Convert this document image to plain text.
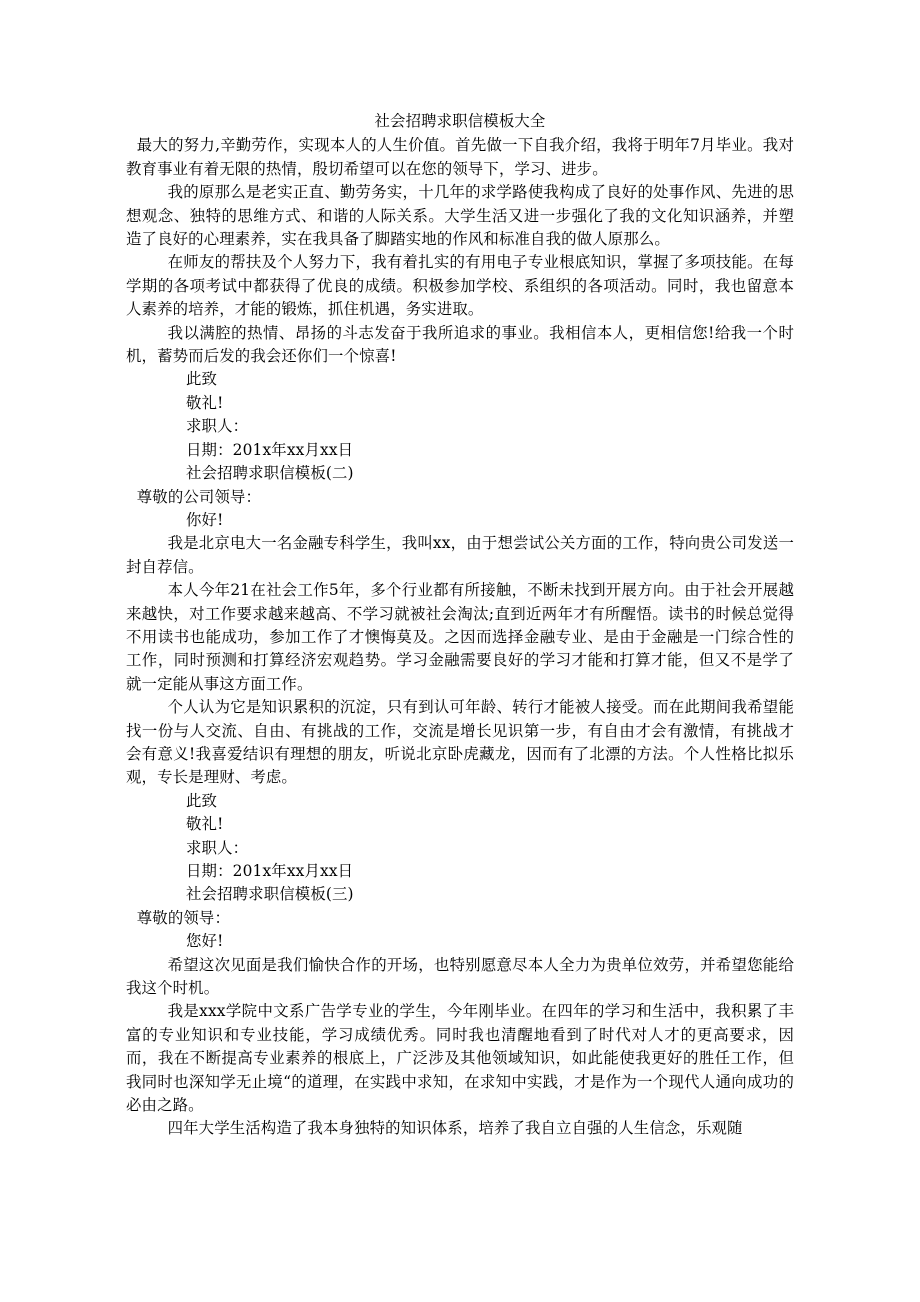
社会招聘求职信模板大全

最大的努力,辛勤劳作，实现本人的人生价值。首先做一下自我介绍，我将于明年7月毕业。我对教育事业有着无限的热情，殷切希望可以在您的领导下，学习、进步。

我的原那么是老实正直、勤劳务实，十几年的求学路使我构成了良好的处事作风、先进的思想观念、独特的思维方式、和谐的人际关系。大学生活又进一步强化了我的文化知识涵养，并塑造了良好的心理素养，实在我具备了脚踏实地的作风和标准自我的做人原那么。

在师友的帮扶及个人努力下，我有着扎实的有用电子专业根底知识，掌握了多项技能。在每学期的各项考试中都获得了优良的成绩。积极参加学校、系组织的各项活动。同时，我也留意本人素养的培养，才能的锻炼，抓住机遇，务实进取。

我以满腔的热情、昂扬的斗志发奋于我所追求的事业。我相信本人，更相信您!给我一个时机，蓄势而后发的我会还你们一个惊喜!

此致

敬礼!

求职人：

日期：201x年xx月xx日

社会招聘求职信模板(二)

尊敬的公司领导：

你好!

我是北京电大一名金融专科学生，我叫xx，由于想尝试公关方面的工作，特向贵公司发送一封自荐信。

本人今年21在社会工作5年，多个行业都有所接触，不断未找到开展方向。由于社会开展越来越快，对工作要求越来越高、不学习就被社会淘汰;直到近两年才有所醒悟。读书的时候总觉得不用读书也能成功，参加工作了才懊悔莫及。之因而选择金融专业、是由于金融是一门综合性的工作，同时预测和打算经济宏观趋势。学习金融需要良好的学习才能和打算才能，但又不是学了就一定能从事这方面工作。

个人认为它是知识累积的沉淀，只有到认可年龄、转行才能被人接受。而在此期间我希望能找一份与人交流、自由、有挑战的工作，交流是增长见识第一步，有自由才会有激情，有挑战才会有意义!我喜爱结识有理想的朋友，听说北京卧虎藏龙，因而有了北漂的方法。个人性格比拟乐观，专长是理财、考虑。

此致

敬礼!

求职人：

日期：201x年xx月xx日

社会招聘求职信模板(三)

尊敬的领导：

您好!

希望这次见面是我们愉快合作的开场，也特别愿意尽本人全力为贵单位效劳，并希望您能给我这个时机。

我是xxx学院中文系广告学专业的学生，今年刚毕业。在四年的学习和生活中，我积累了丰富的专业知识和专业技能，学习成绩优秀。同时我也清醒地看到了时代对人才的更高要求，因而，我在不断提高专业素养的根底上，广泛涉及其他领域知识，如此能使我更好的胜任工作，但我同时也深知学无止境“的道理，在实践中求知，在求知中实践，才是作为一个现代人通向成功的必由之路。

四年大学生活构造了我本身独特的知识体系，培养了我自立自强的人生信念，乐观随
